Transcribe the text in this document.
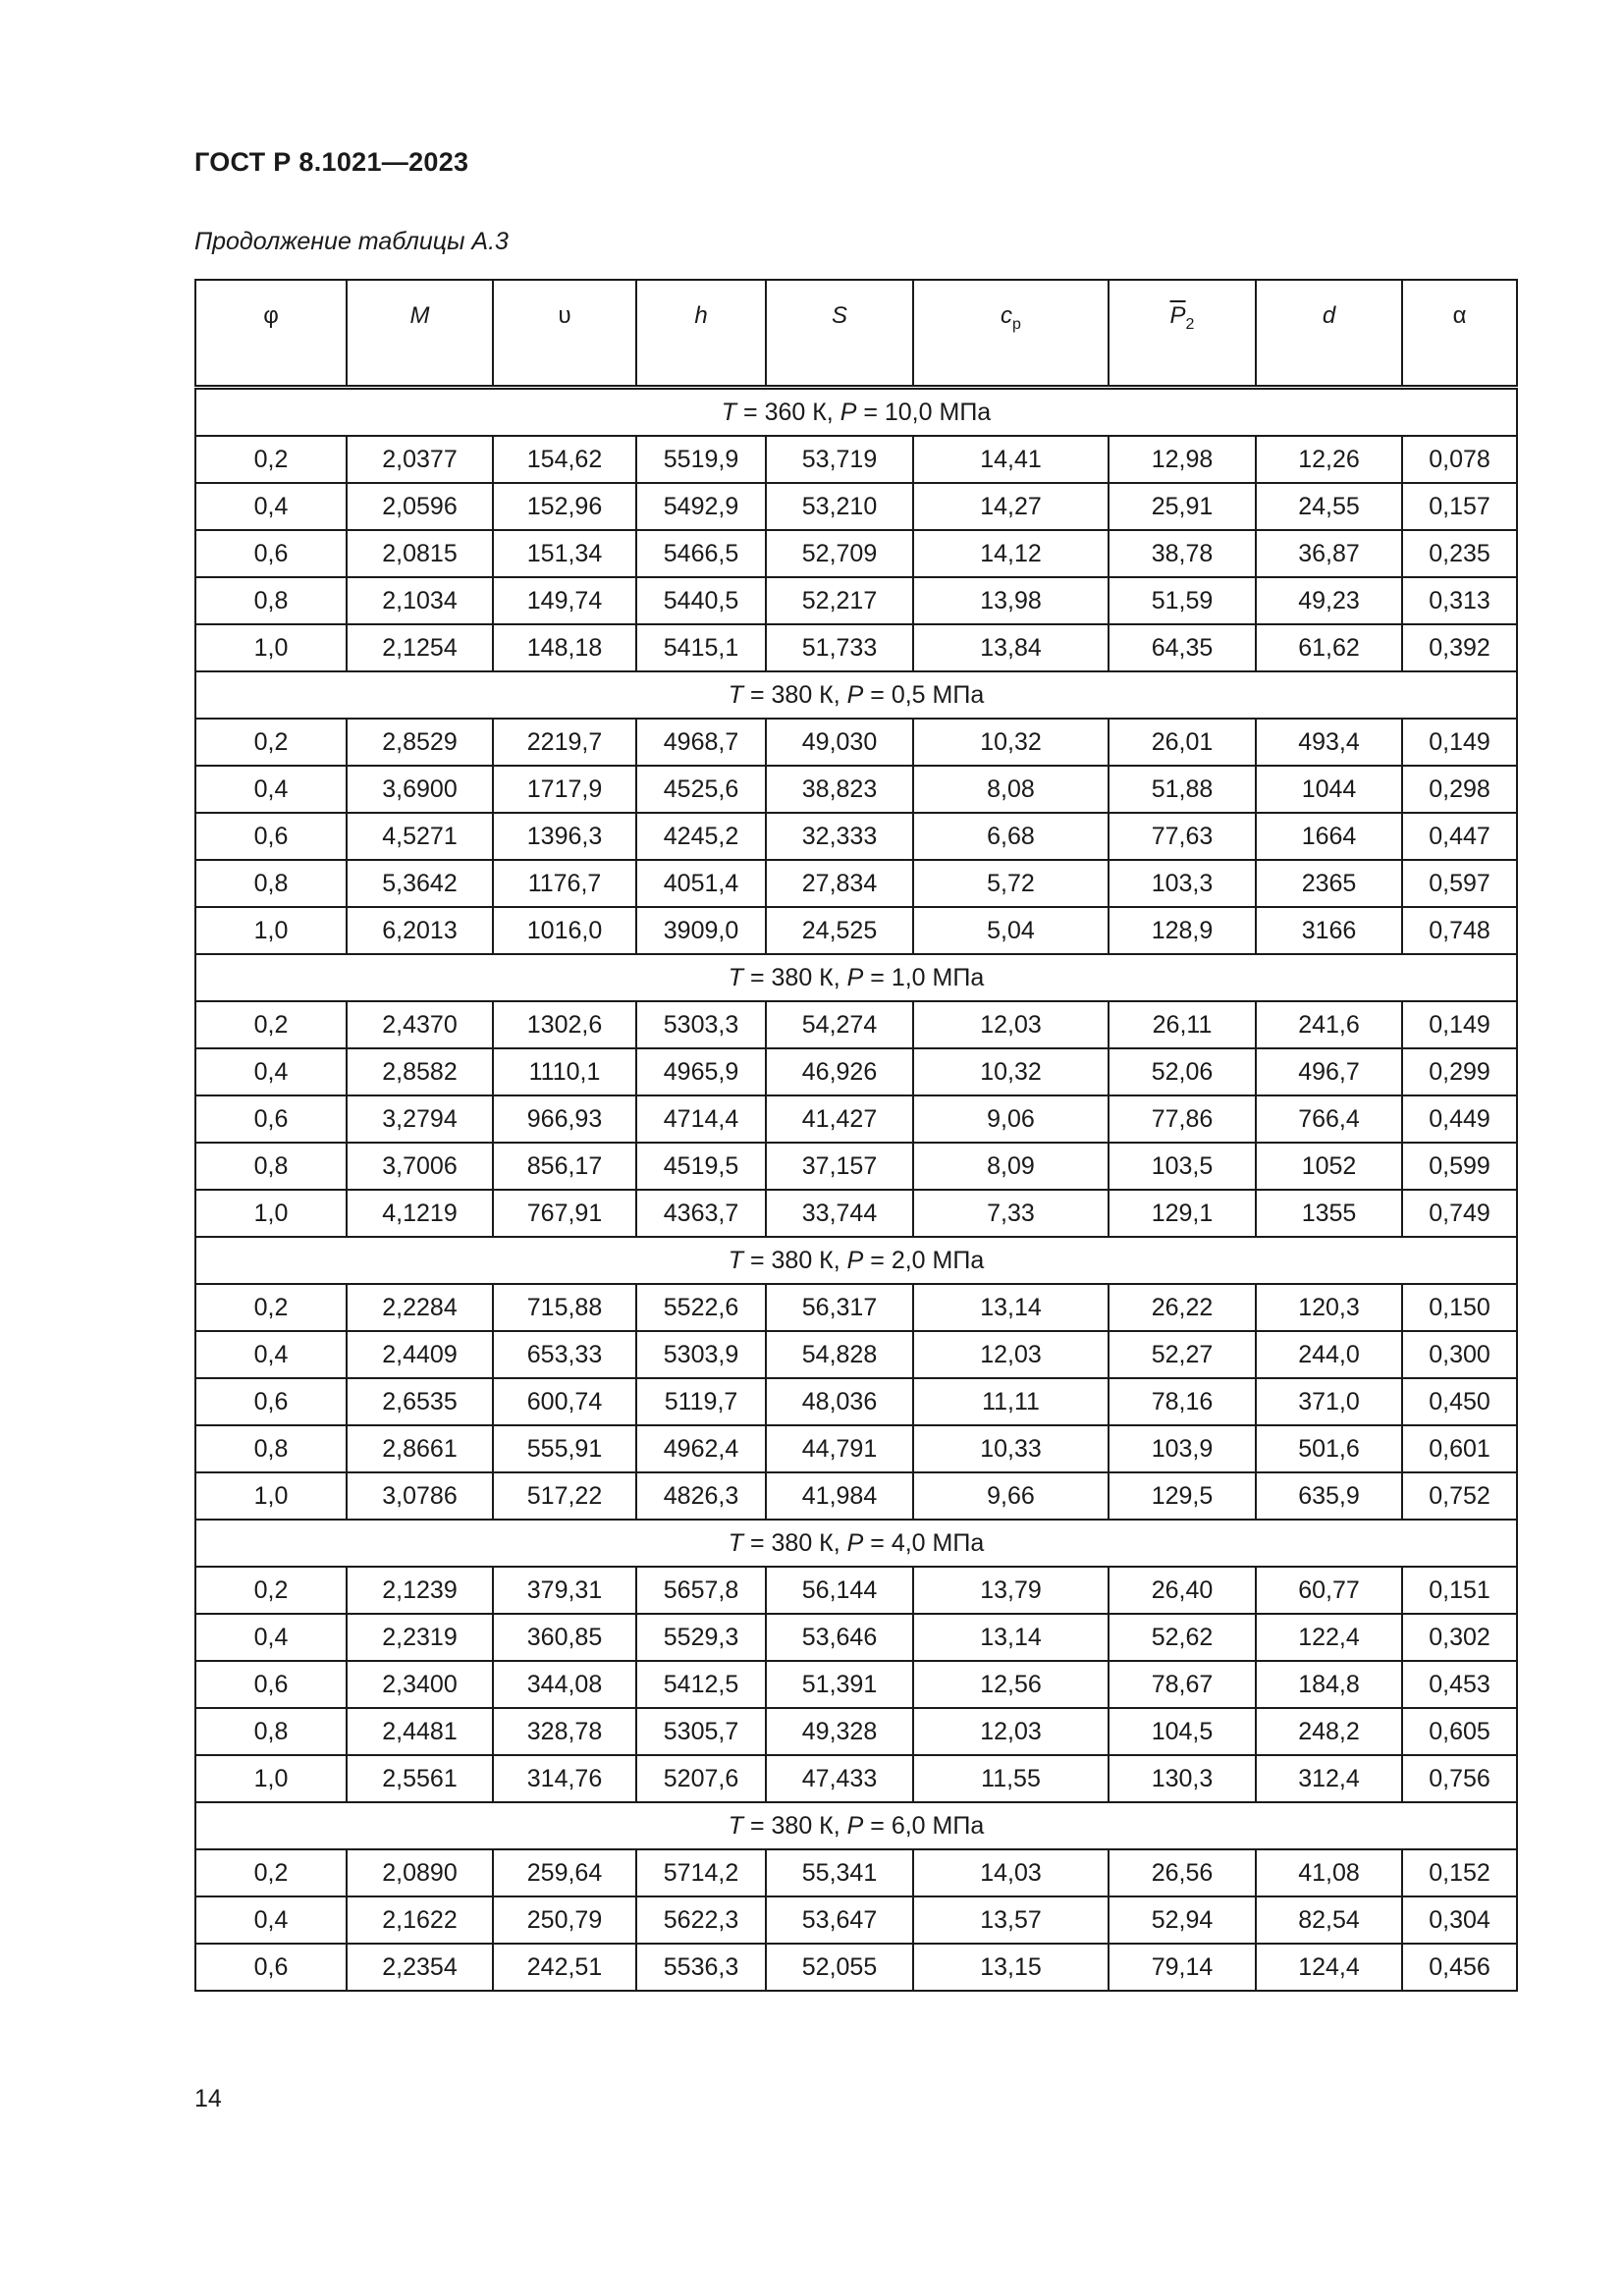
ГОСТ Р 8.1021—2023
Продолжение таблицы А.3
φ	M	υ	h	S	$c_p$	$\overline{P}_2$	d	α
T = 360 К, P = 10,0 МПа								
0,2	2,0377	154,62	5519,9	53,719	14,41	12,98	12,26	0,078
0,4	2,0596	152,96	5492,9	53,210	14,27	25,91	24,55	0,157
0,6	2,0815	151,34	5466,5	52,709	14,12	38,78	36,87	0,235
0,8	2,1034	149,74	5440,5	52,217	13,98	51,59	49,23	0,313
1,0	2,1254	148,18	5415,1	51,733	13,84	64,35	61,62	0,392
T = 380 К, P = 0,5 МПа								
0,2	2,8529	2219,7	4968,7	49,030	10,32	26,01	493,4	0,149
0,4	3,6900	1717,9	4525,6	38,823	8,08	51,88	1044	0,298
0,6	4,5271	1396,3	4245,2	32,333	6,68	77,63	1664	0,447
0,8	5,3642	1176,7	4051,4	27,834	5,72	103,3	2365	0,597
1,0	6,2013	1016,0	3909,0	24,525	5,04	128,9	3166	0,748
T = 380 К, P = 1,0 МПа								
0,2	2,4370	1302,6	5303,3	54,274	12,03	26,11	241,6	0,149
0,4	2,8582	1110,1	4965,9	46,926	10,32	52,06	496,7	0,299
0,6	3,2794	966,93	4714,4	41,427	9,06	77,86	766,4	0,449
0,8	3,7006	856,17	4519,5	37,157	8,09	103,5	1052	0,599
1,0	4,1219	767,91	4363,7	33,744	7,33	129,1	1355	0,749
T = 380 К, P = 2,0 МПа								
0,2	2,2284	715,88	5522,6	56,317	13,14	26,22	120,3	0,150
0,4	2,4409	653,33	5303,9	54,828	12,03	52,27	244,0	0,300
0,6	2,6535	600,74	5119,7	48,036	11,11	78,16	371,0	0,450
0,8	2,8661	555,91	4962,4	44,791	10,33	103,9	501,6	0,601
1,0	3,0786	517,22	4826,3	41,984	9,66	129,5	635,9	0,752
T = 380 К, P = 4,0 МПа								
0,2	2,1239	379,31	5657,8	56,144	13,79	26,40	60,77	0,151
0,4	2,2319	360,85	5529,3	53,646	13,14	52,62	122,4	0,302
0,6	2,3400	344,08	5412,5	51,391	12,56	78,67	184,8	0,453
0,8	2,4481	328,78	5305,7	49,328	12,03	104,5	248,2	0,605
1,0	2,5561	314,76	5207,6	47,433	11,55	130,3	312,4	0,756
T = 380 К, P = 6,0 МПа								
0,2	2,0890	259,64	5714,2	55,341	14,03	26,56	41,08	0,152
0,4	2,1622	250,79	5622,3	53,647	13,57	52,94	82,54	0,304
0,6	2,2354	242,51	5536,3	52,055	13,15	79,14	124,4	0,456
14
